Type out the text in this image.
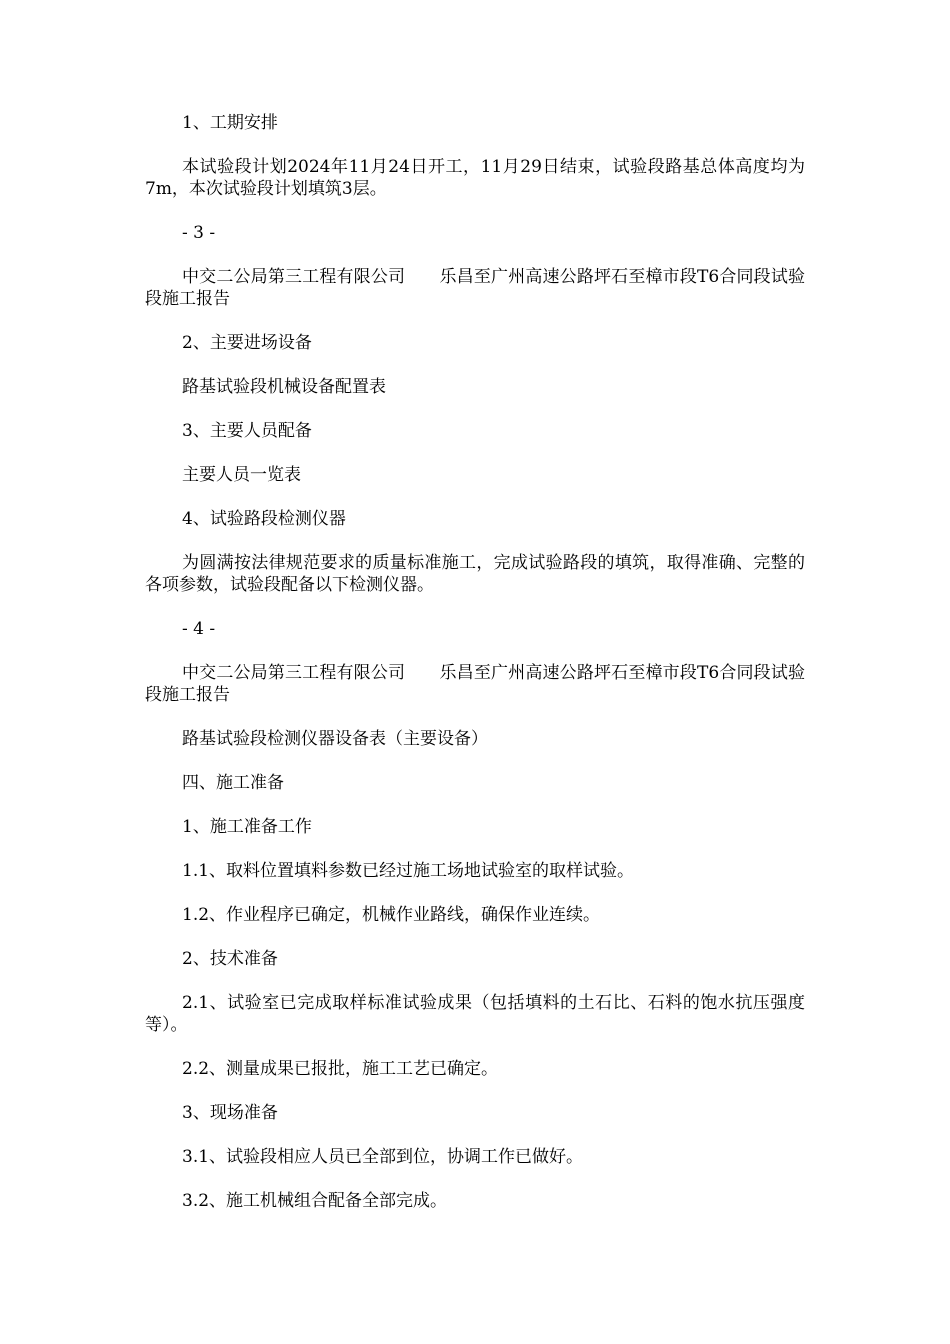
1、工期安排

本试验段计划2024年11月24日开工，11月29日结束，试验段路基总体高度均为7m，本次试验段计划填筑3层。

- 3 -

中交二公局第三工程有限公司　　乐昌至广州高速公路坪石至樟市段T6合同段试验段施工报告

2、主要进场设备

路基试验段机械设备配置表

3、主要人员配备

主要人员一览表

4、试验路段检测仪器

为圆满按法律规范要求的质量标准施工，完成试验路段的填筑，取得准确、完整的各项参数，试验段配备以下检测仪器。

- 4 -

中交二公局第三工程有限公司　　乐昌至广州高速公路坪石至樟市段T6合同段试验段施工报告

路基试验段检测仪器设备表（主要设备）

四、施工准备

1、施工准备工作

1.1、取料位置填料参数已经过施工场地试验室的取样试验。

1.2、作业程序已确定，机械作业路线，确保作业连续。

2、技术准备

2.1、试验室已完成取样标准试验成果（包括填料的土石比、石料的饱水抗压强度等）。

2.2、测量成果已报批，施工工艺已确定。

3、现场准备

3.1、试验段相应人员已全部到位，协调工作已做好。

3.2、施工机械组合配备全部完成。
